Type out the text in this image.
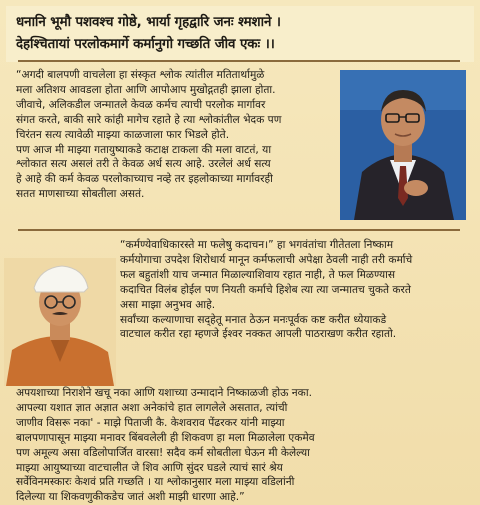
धनानि भूमौ पशवश्च गोष्ठे, भार्या गृहद्वारि जनः श्मशाने ।
देहश्चितायां परलोकमार्गे कर्मानुगो गच्छति जीव एकः ।।
“अगदी बालपणी वाचलेला हा संस्कृत श्लोक त्यांतील मतितार्थामुळे
मला अतिशय आवडला होता आणि आपोआप मुखोद्गतही झाला होता.
जीवाचे, अलिकडील जन्मातले केवळ कर्मच त्याची परलोक मार्गावर
संगत करते, बाकी सारे कांही मागेच रहाते हे त्या श्लोकांतील भेदक पण
चिरंतन सत्य त्यावेळी माझ्या काळजाला फार भिडले होते.
पण आज मी माझ्या गतायुष्याकडे कटाक्ष टाकला की मला वाटतं, या
श्लोकात सत्य असलं तरी ते केवळ अर्ध सत्य आहे. उरलेलं अर्ध सत्य
हे आहे की कर्म केवळ परलोकाच्याच नव्हे तर इहलोकाच्या मार्गावरही
सतत माणसाच्या सोबतीला असतं.
“कर्मण्येवाधिकारस्ते मा फलेषु कदाचन।” हा भगवंतांचा गीतेतला निष्काम
कर्मयोगाचा उपदेश शिरोधार्य मानून कर्मफलाची अपेक्षा ठेवली नाही तरी कर्माचे
फल बहुतांशी याच जन्मात मिळाल्याशिवाय रहात नाही, ते फल मिळण्यास
कदाचित विलंब होईल पण नियती कर्माचे हिशेब त्या त्या जन्मातच चुकते करते
असा माझा अनुभव आहे.
सर्वांच्या कल्याणाचा सद्हेतू मनात ठेऊन मनःपूर्वक कष्ट करीत ध्येयाकडे
वाटचाल करीत रहा म्हणजे ईश्वर नक्कत आपली पाठराखण करीत रहातो.
अपयशाच्या निराशेने खचू नका आणि यशाच्या उन्मादाने निष्काळजी होऊ नका.
आपल्या यशात ज्ञात अज्ञात अशा अनेकांचे हात लागलेले असतात, त्यांची
जाणीव विसरू नका' - माझे पिताजी कै. केशवराव पेंढरकर यांनी माझ्या
बालपणापासून माझ्या मनावर बिंबवलेली ही शिकवण हा मला मिळालेला एकमेव
पण अमूल्य असा वडिलोपार्जित वारसा! सदैव कर्म सोबतीला घेऊन मी केलेल्या
माझ्या आयुष्याच्या वाटचालीत जे शिव आणि सुंदर घडले त्याचं सारं श्रेय
सर्वेविनमस्कारः केशवं प्रति गच्छति । या श्लोकानुसार मला माझ्या वडिलांनी
दिलेल्या या शिकवणुकीकडेच जातं अशी माझी धारणा आहे.”
